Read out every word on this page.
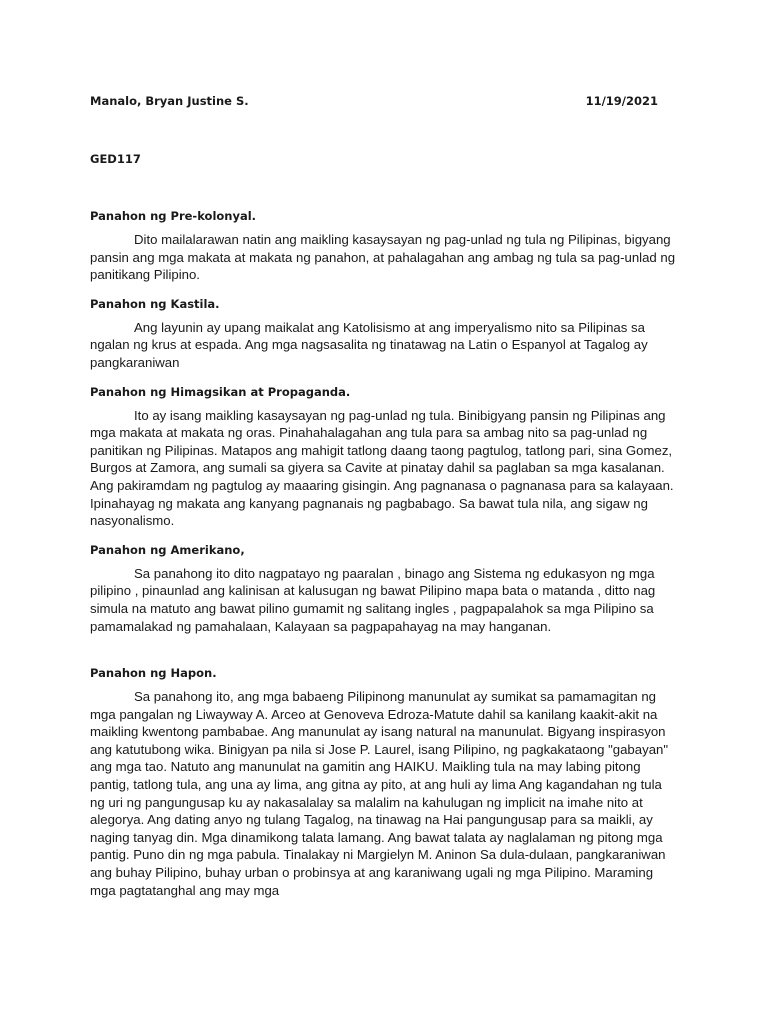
Manalo, Bryan Justine S.	11/19/2021
GED117
Panahon ng Pre-kolonyal.

Dito mailalarawan natin ang maikling kasaysayan ng pag-unlad ng tula ng Pilipinas, bigyang pansin ang mga makata at makata ng panahon, at pahalagahan ang ambag ng tula sa pag-unlad ng panitikang Pilipino.

Panahon ng Kastila.

Ang layunin ay upang maikalat ang Katolisismo at ang imperyalismo nito sa Pilipinas sa ngalan ng krus at espada. Ang mga nagsasalita ng tinatawag na Latin o Espanyol at Tagalog ay pangkaraniwan

Panahon ng Himagsikan at Propaganda.

Ito ay isang maikling kasaysayan ng pag-unlad ng tula. Binibigyang pansin ng Pilipinas ang mga makata at makata ng oras. Pinahahalagahan ang tula para sa ambag nito sa pag-unlad ng panitikan ng Pilipinas. Matapos ang mahigit tatlong daang taong pagtulog, tatlong pari, sina Gomez, Burgos at Zamora, ang sumali sa giyera sa Cavite at pinatay dahil sa paglaban sa mga kasalanan. Ang pakiramdam ng pagtulog ay maaaring gisingin. Ang pagnanasa o pagnanasa para sa kalayaan. Ipinahayag ng makata ang kanyang pagnanais ng pagbabago. Sa bawat tula nila, ang sigaw ng nasyonalismo.

Panahon ng Amerikano,

Sa panahong ito dito nagpatayo ng paaralan , binago ang Sistema ng edukasyon ng mga pilipino , pinaunlad ang kalinisan at kalusugan ng bawat Pilipino mapa bata o matanda , ditto nag simula na matuto ang bawat pilino gumamit ng salitang ingles , pagpapalahok sa mga Pilipino sa pamamalakad ng pamahalaan, Kalayaan sa pagpapahayag na may hanganan.

Panahon ng Hapon.

Sa panahong ito, ang mga babaeng Pilipinong manunulat ay sumikat sa pamamagitan ng mga pangalan ng Liwayway A. Arceo at Genoveva Edroza-Matute dahil sa kanilang kaakit-akit na maikling kwentong pambabae. Ang manunulat ay isang natural na manunulat. Bigyang inspirasyon ang katutubong wika. Binigyan pa nila si Jose P. Laurel, isang Pilipino, ng pagkakataong "gabayan" ang mga tao. Natuto ang manunulat na gamitin ang HAIKU. Maikling tula na may labing pitong pantig, tatlong tula, ang una ay lima, ang gitna ay pito, at ang huli ay lima Ang kagandahan ng tula ng uri ng pangungusap ku ay nakasalalay sa malalim na kahulugan ng implicit na imahe nito at alegorya. Ang dating anyo ng tulang Tagalog, na tinawag na Hai pangungusap para sa maikli, ay naging tanyag din. Mga dinamikong talata lamang. Ang bawat talata ay naglalaman ng pitong mga pantig. Puno din ng mga pabula. Tinalakay ni Margielyn M. Aninon Sa dula-dulaan, pangkaraniwan ang buhay Pilipino, buhay urban o probinsya at ang karaniwang ugali ng mga Pilipino. Maraming mga pagtatanghal ang may mga
